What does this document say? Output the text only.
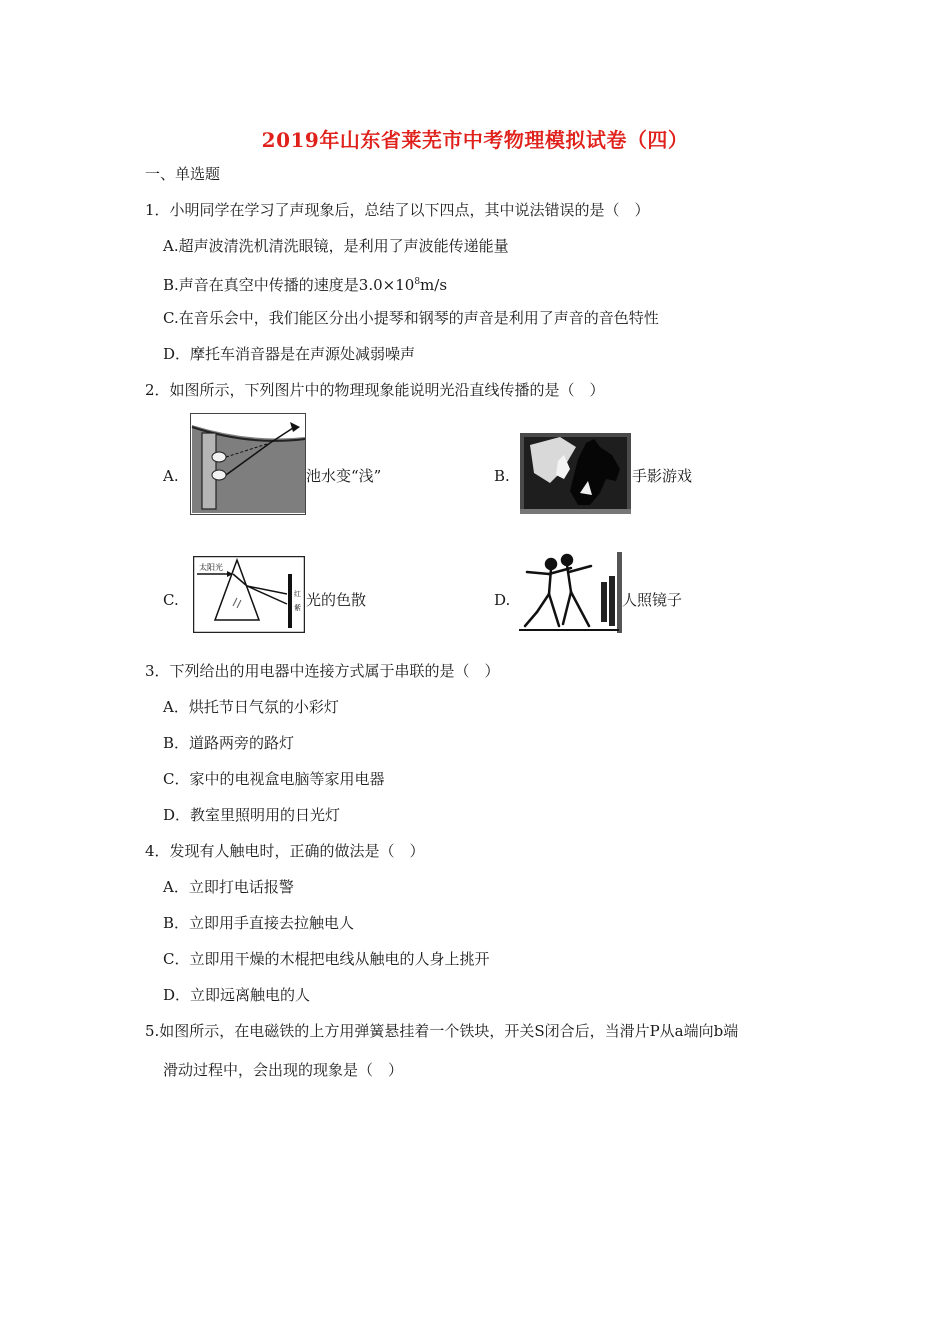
2019年山东省莱芜市中考物理模拟试卷（四）
一、单选题
1．小明同学在学习了声现象后，总结了以下四点，其中说法错误的是（　）
A.超声波清洗机清洗眼镜，是利用了声波能传递能量
B.声音在真空中传播的速度是$3.0\times 10^8m/s$
C.在音乐会中，我们能区分出小提琴和钢琴的声音是利用了声音的音色特性
D．摩托车消音器是在声源处减弱噪声
2．如图所示，下列图片中的物理现象能说明光沿直线传播的是（　）
A.	池水变“浅”	B.	手影游戏
C.
太阳光
红
紫 光的色散	D.	人照镜子
3．下列给出的用电器中连接方式属于串联的是（　）
A．烘托节日气氛的小彩灯
B．道路两旁的路灯
C．家中的电视盒电脑等家用电器
D．教室里照明用的日光灯
4．发现有人触电时，正确的做法是（　）
A．立即打电话报警
B．立即用手直接去拉触电人
C．立即用干燥的木棍把电线从触电的人身上挑开
D．立即远离触电的人
5.如图所示，在电磁铁的上方用弹簧悬挂着一个铁块，开关S闭合后，当滑片P从a端向b端
滑动过程中，会出现的现象是（　）
